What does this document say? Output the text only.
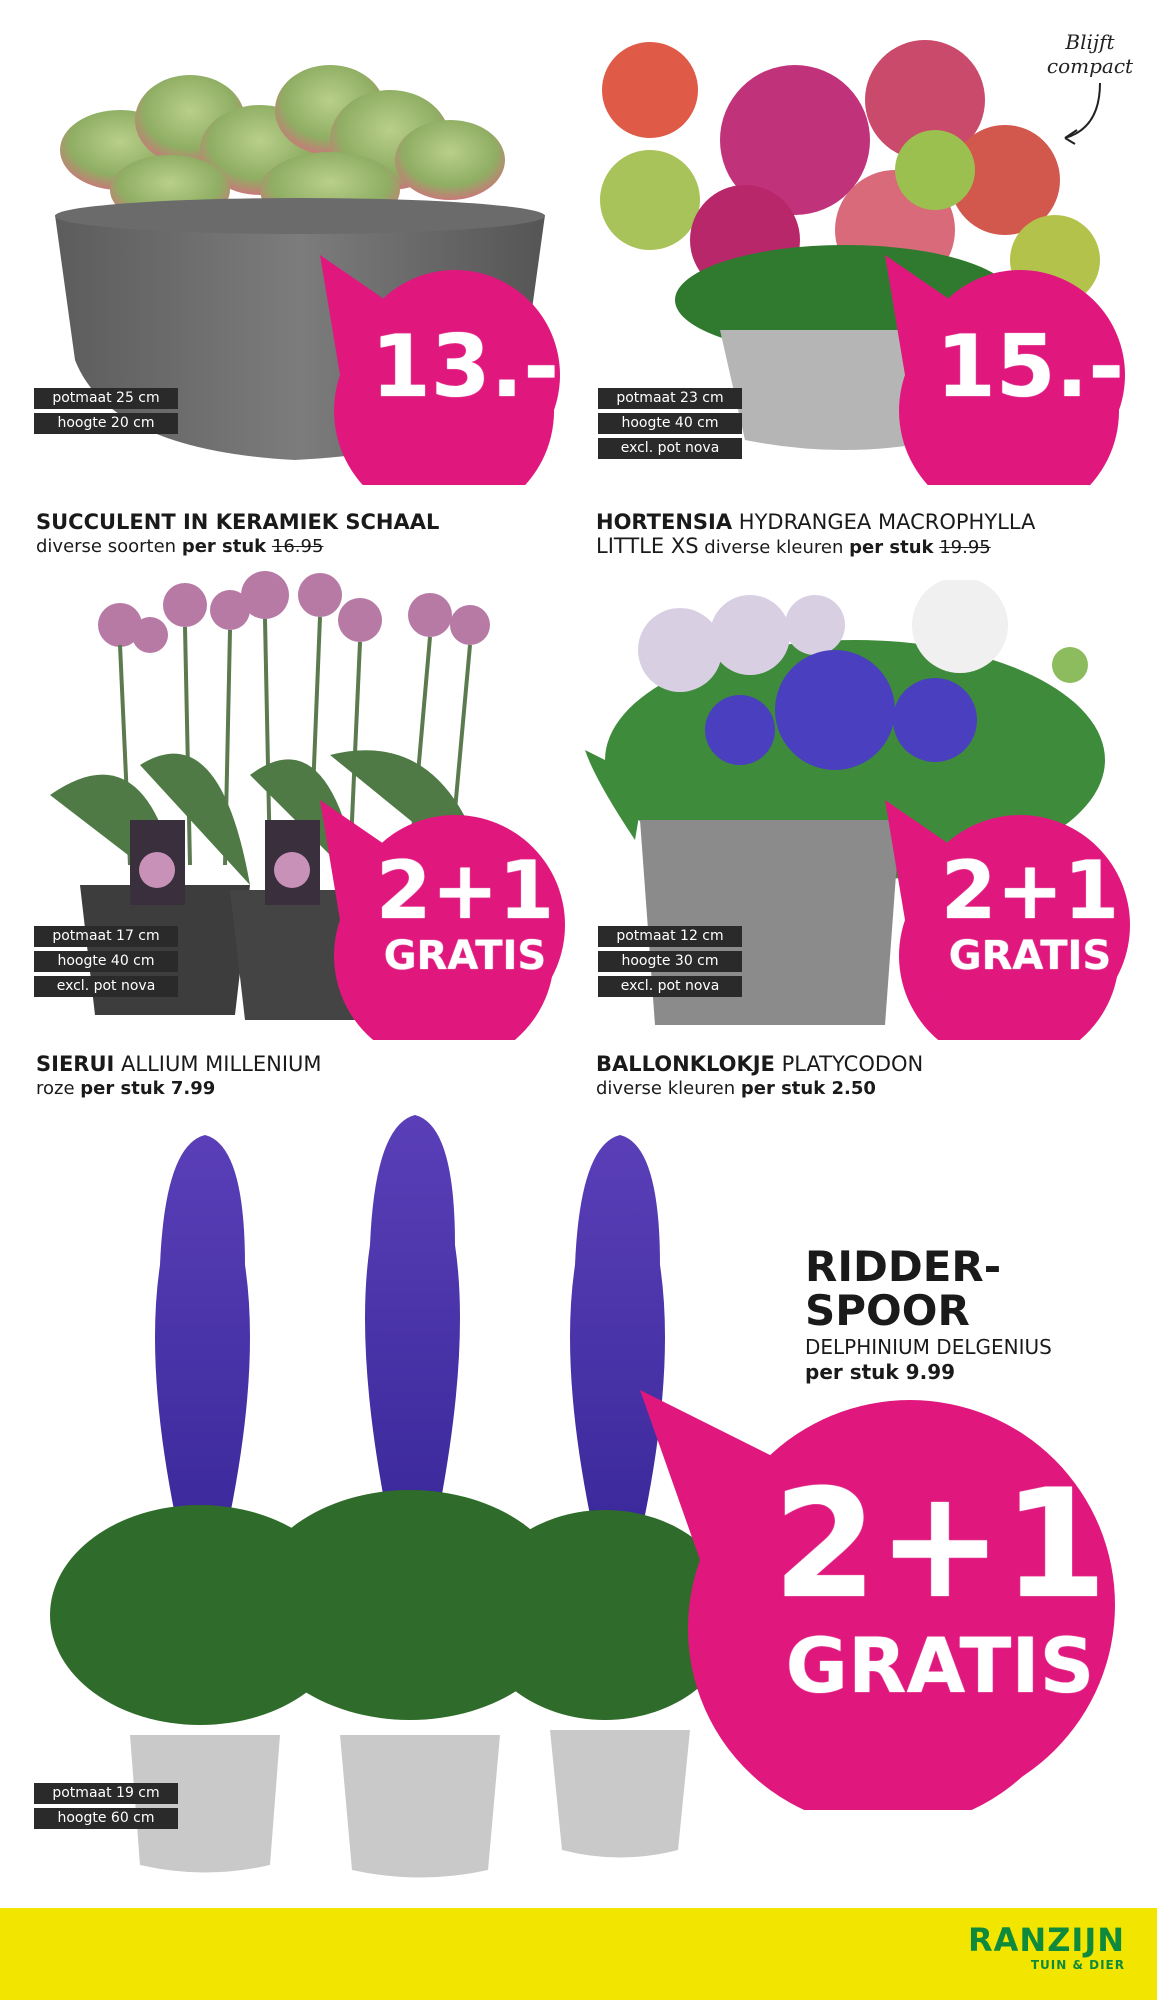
potmaat 25 cm
hoogte 20 cm
13.-
SUCCULENT IN KERAMIEK SCHAAL
diverse soorten per stuk 16.95
Blijft
compact
potmaat 23 cm
hoogte 40 cm
excl. pot nova
15.-
HORTENSIA HYDRANGEA MACROPHYLLA
LITTLE XS diverse kleuren per stuk 19.95
potmaat 17 cm
hoogte 40 cm
excl. pot nova
2+1
GRATIS
SIERUI ALLIUM MILLENIUM
roze per stuk 7.99
potmaat 12 cm
hoogte 30 cm
excl. pot nova
2+1
GRATIS
BALLONKLOKJE PLATYCODON
diverse kleuren per stuk 2.50
RIDDER-
SPOOR
DELPHINIUM DELGENIUS
per stuk 9.99
potmaat 19 cm
hoogte 60 cm
2+1
GRATIS
RANZIJN
TUIN & DIER
